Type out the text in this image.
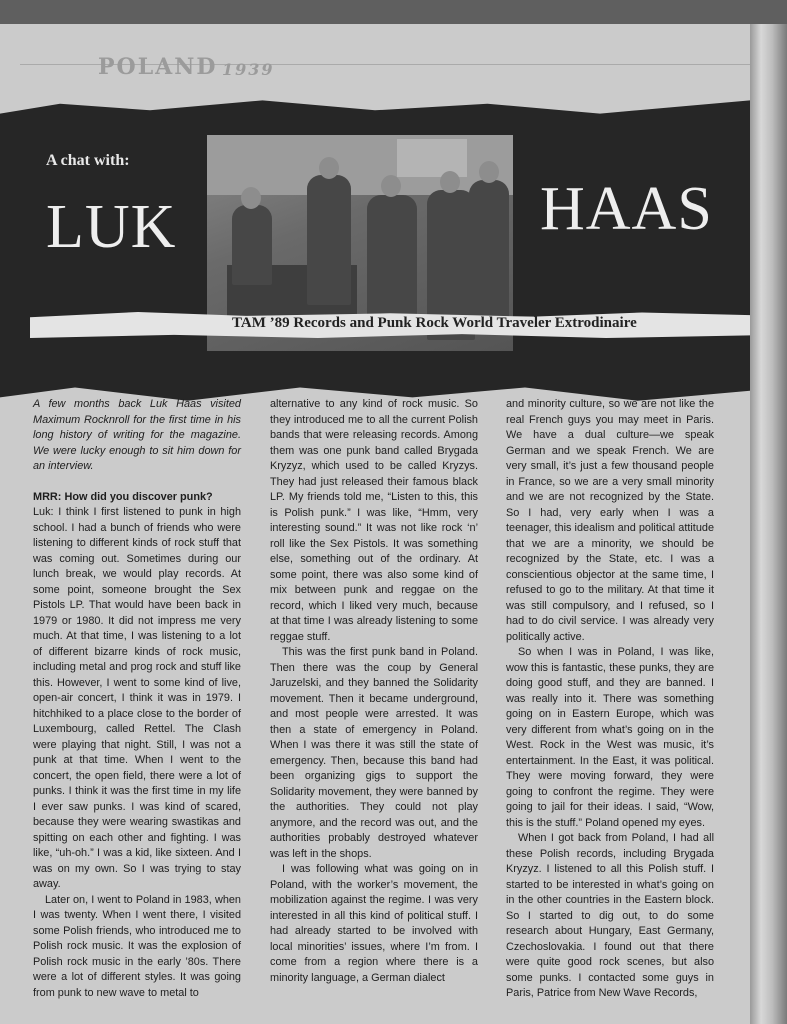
POLAND 1939
A chat with:
LUK	HAAS
TAM ’89 Records and Punk Rock World Traveler Extrodinaire

A few months back Luk Haas visited Maximum Rocknroll for the first time in his long history of writing for the magazine. We were lucky enough to sit him down for an interview.

MRR: How did you discover punk?

Luk: I think I first listened to punk in high school. I had a bunch of friends who were listening to different kinds of rock stuff that was coming out. Sometimes during our lunch break, we would play records. At some point, someone brought the Sex Pistols LP. That would have been back in 1979 or 1980. It did not impress me very much. At that time, I was listening to a lot of different bizarre kinds of rock music, including metal and prog rock and stuff like this. However, I went to some kind of live, open-air concert, I think it was in 1979. I hitchhiked to a place close to the border of Luxembourg, called Rettel. The Clash were playing that night. Still, I was not a punk at that time. When I went to the concert, the open field, there were a lot of punks. I think it was the first time in my life I ever saw punks. I was kind of scared, because they were wearing swastikas and spitting on each other and fighting. I was like, “uh-oh.” I was a kid, like sixteen. And I was on my own. So I was trying to stay away.

Later on, I went to Poland in 1983, when I was twenty. When I went there, I visited some Polish friends, who introduced me to Polish rock music. It was the explosion of Polish rock music in the early ’80s. There were a lot of different styles. It was going from punk to new wave to metal to

alternative to any kind of rock music. So they introduced me to all the current Polish bands that were releasing records. Among them was one punk band called Brygada Kryzyz, which used to be called Kryzys. They had just released their famous black LP. My friends told me, “Listen to this, this is Polish punk.” I was like, “Hmm, very interesting sound.” It was not like rock ‘n’ roll like the Sex Pistols. It was something else, something out of the ordinary. At some point, there was also some kind of mix between punk and reggae on the record, which I liked very much, because at that time I was already listening to some reggae stuff.

This was the first punk band in Poland. Then there was the coup by General Jaruzelski, and they banned the Solidarity movement. Then it became underground, and most people were arrested. It was then a state of emergency in Poland. When I was there it was still the state of emergency. Then, because this band had been organizing gigs to support the Solidarity movement, they were banned by the authorities. They could not play anymore, and the record was out, and the authorities probably destroyed whatever was left in the shops.

I was following what was going on in Poland, with the worker’s movement, the mobilization against the regime. I was very interested in all this kind of political stuff. I had already started to be involved with local minorities’ issues, where I’m from. I come from a region where there is a minority language, a German dialect

and minority culture, so we are not like the real French guys you may meet in Paris. We have a dual culture—we speak German and we speak French. We are very small, it’s just a few thousand people in France, so we are a very small minority and we are not recognized by the State. So I had, very early when I was a teenager, this idealism and political attitude that we are a minority, we should be recognized by the State, etc. I was a conscientious objector at the same time, I refused to go to the military. At that time it was still compulsory, and I refused, so I had to do civil service. I was already very politically active.

So when I was in Poland, I was like, wow this is fantastic, these punks, they are doing good stuff, and they are banned. I was really into it. There was something going on in Eastern Europe, which was very different from what’s going on in the West. Rock in the West was music, it’s entertainment. In the East, it was political. They were moving forward, they were going to confront the regime. They were going to jail for their ideas. I said, “Wow, this is the stuff.” Poland opened my eyes.

When I got back from Poland, I had all these Polish records, including Brygada Kryzyz. I listened to all this Polish stuff. I started to be interested in what’s going on in the other countries in the Eastern block. So I started to dig out, to do some research about Hungary, East Germany, Czechoslovakia. I found out that there were quite good rock scenes, but also some punks. I contacted some guys in Paris, Patrice from New Wave Records,
